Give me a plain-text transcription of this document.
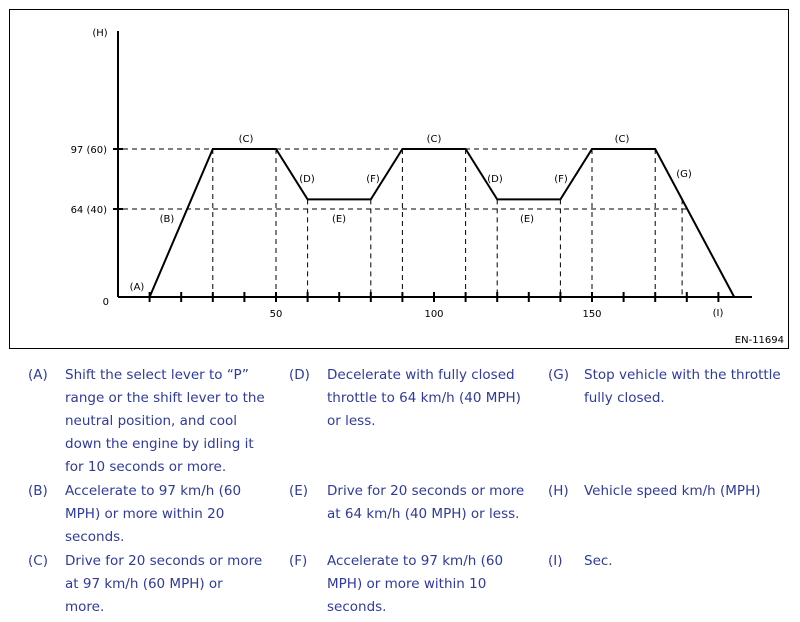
(H)
97 (60)
64 (40)
0
50	100	150	(I)
(A)
(B)
(C)
(D)
(E)
(F)
(C)
(D)
(E)
(F)
(C)
(G)
EN-11694
(A) Shift the select lever to “P”
range or the shift lever to the
neutral position, and cool
down the engine by idling it
for 10 seconds or more.
(B) Accelerate to 97 km/h (60
MPH) or more within 20
seconds.
(C) Drive for 20 seconds or more
at 97 km/h (60 MPH) or
more.
(D) Decelerate with fully closed
throttle to 64 km/h (40 MPH)
or less.
(E) Drive for 20 seconds or more
at 64 km/h (40 MPH) or less.
(F) Accelerate to 97 km/h (60
MPH) or more within 10
seconds.
(G) Stop vehicle with the throttle
fully closed.
(H) Vehicle speed km/h (MPH)
(I) Sec.
